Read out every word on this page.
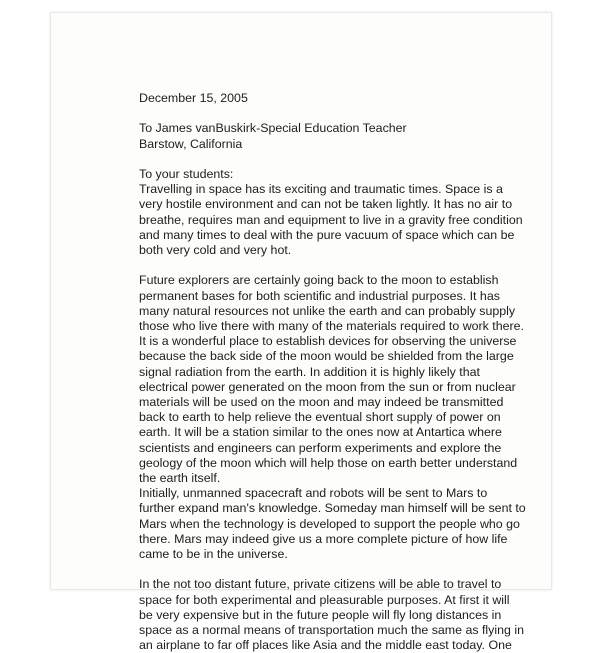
December 15, 2005
To James vanBuskirk-Special Education Teacher
Barstow, California
To your students:
Travelling in space has its exciting and traumatic times. Space is a
very hostile environment and can not be taken lightly. It has no air to
breathe, requires man and equipment to live in a gravity free condition
and many times to deal with the pure vacuum of space which can be
both very cold and very hot.
Future explorers are certainly going back to the moon to establish
permanent bases for both scientific and industrial purposes. It has
many natural resources not unlike the earth and can probably supply
those who live there with many of the materials required to work there.
It is a wonderful place to establish devices for observing the universe
because the back side of the moon would be shielded from the large
signal radiation from the earth. In addition it is highly likely that
electrical power generated on the moon from the sun or from nuclear
materials will be used on the moon and may indeed be transmitted
back to earth to help relieve the eventual short supply of power on
earth. It will be a station similar to the ones now at Antartica where
scientists and engineers can perform experiments and explore the
geology of the moon which will help those on earth better understand
the earth itself.
Initially, unmanned spacecraft and robots will be sent to Mars to
further expand man's knowledge. Someday man himself will be sent to
Mars when the technology is developed to support the people who go
there. Mars may indeed give us a more complete picture of how life
came to be in the universe.
In the not too distant future, private citizens will be able to travel to
space for both experimental and pleasurable purposes. At first it will
be very expensive but in the future people will fly long distances in
space as a normal means of transportation much the same as flying in
an airplane to far off places like Asia and the middle east today. One
